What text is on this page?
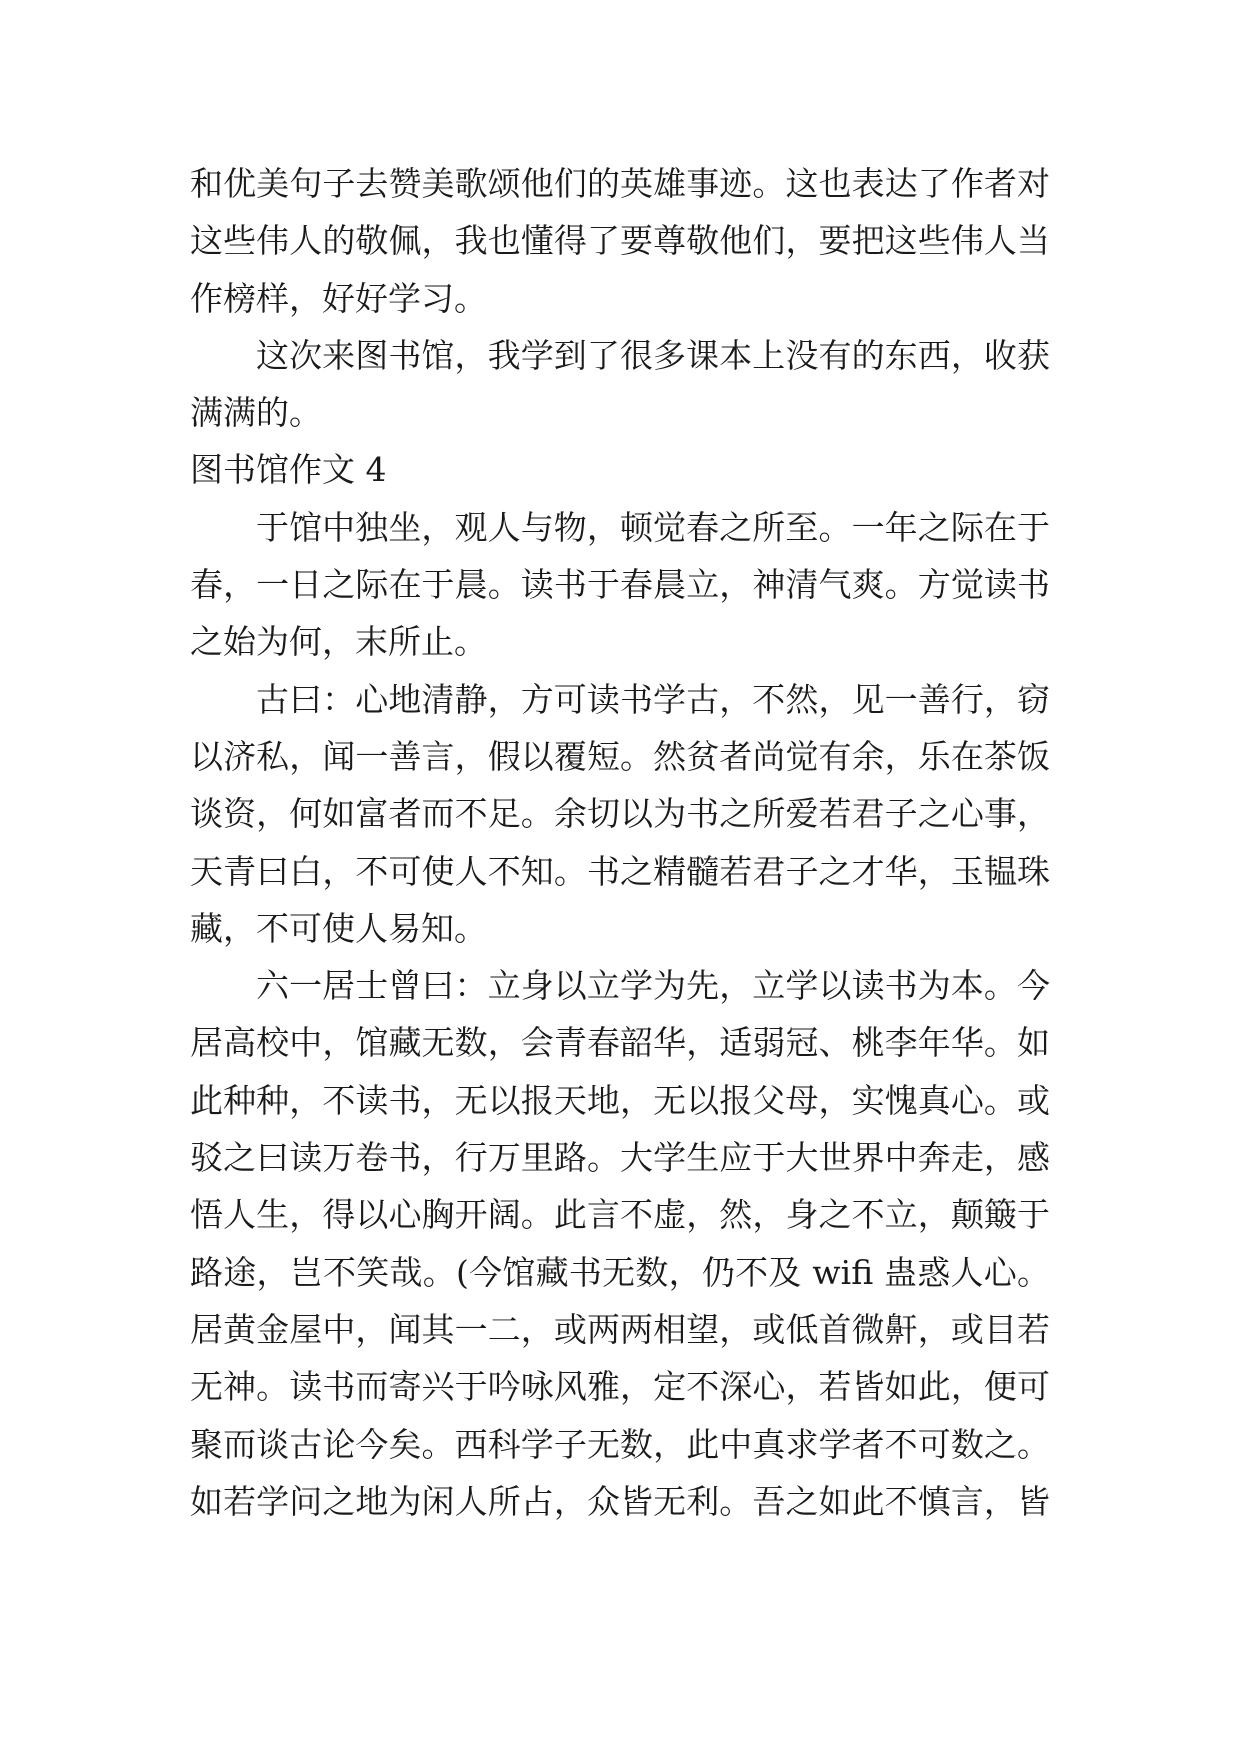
和优美句子去赞美歌颂他们的英雄事迹。这也表达了作者对
这些伟人的敬佩，我也懂得了要尊敬他们，要把这些伟人当
作榜样，好好学习。
这次来图书馆，我学到了很多课本上没有的东西，收获
满满的。
图书馆作文 4
于馆中独坐，观人与物，顿觉春之所至。一年之际在于
春，一日之际在于晨。读书于春晨立，神清气爽。方觉读书
之始为何，末所止。
古曰：心地清静，方可读书学古，不然，见一善行，窃
以济私，闻一善言，假以覆短。然贫者尚觉有余，乐在茶饭
谈资，何如富者而不足。余切以为书之所爱若君子之心事，
天青曰白，不可使人不知。书之精髓若君子之才华，玉韫珠
藏，不可使人易知。
六一居士曾曰：立身以立学为先，立学以读书为本。今
居高校中，馆藏无数，会青春韶华，适弱冠、桃李年华。如
此种种，不读书，无以报天地，无以报父母，实愧真心。或
驳之曰读万卷书，行万里路。大学生应于大世界中奔走，感
悟人生，得以心胸开阔。此言不虚，然，身之不立，颠簸于
路途，岂不笑哉。(今馆藏书无数，仍不及 wifi 蛊惑人心。
居黄金屋中，闻其一二，或两两相望，或低首微鼾，或目若
无神。读书而寄兴于吟咏风雅，定不深心，若皆如此，便可
聚而谈古论今矣。西科学子无数，此中真求学者不可数之。
如若学问之地为闲人所占，众皆无利。吾之如此不慎言，皆
